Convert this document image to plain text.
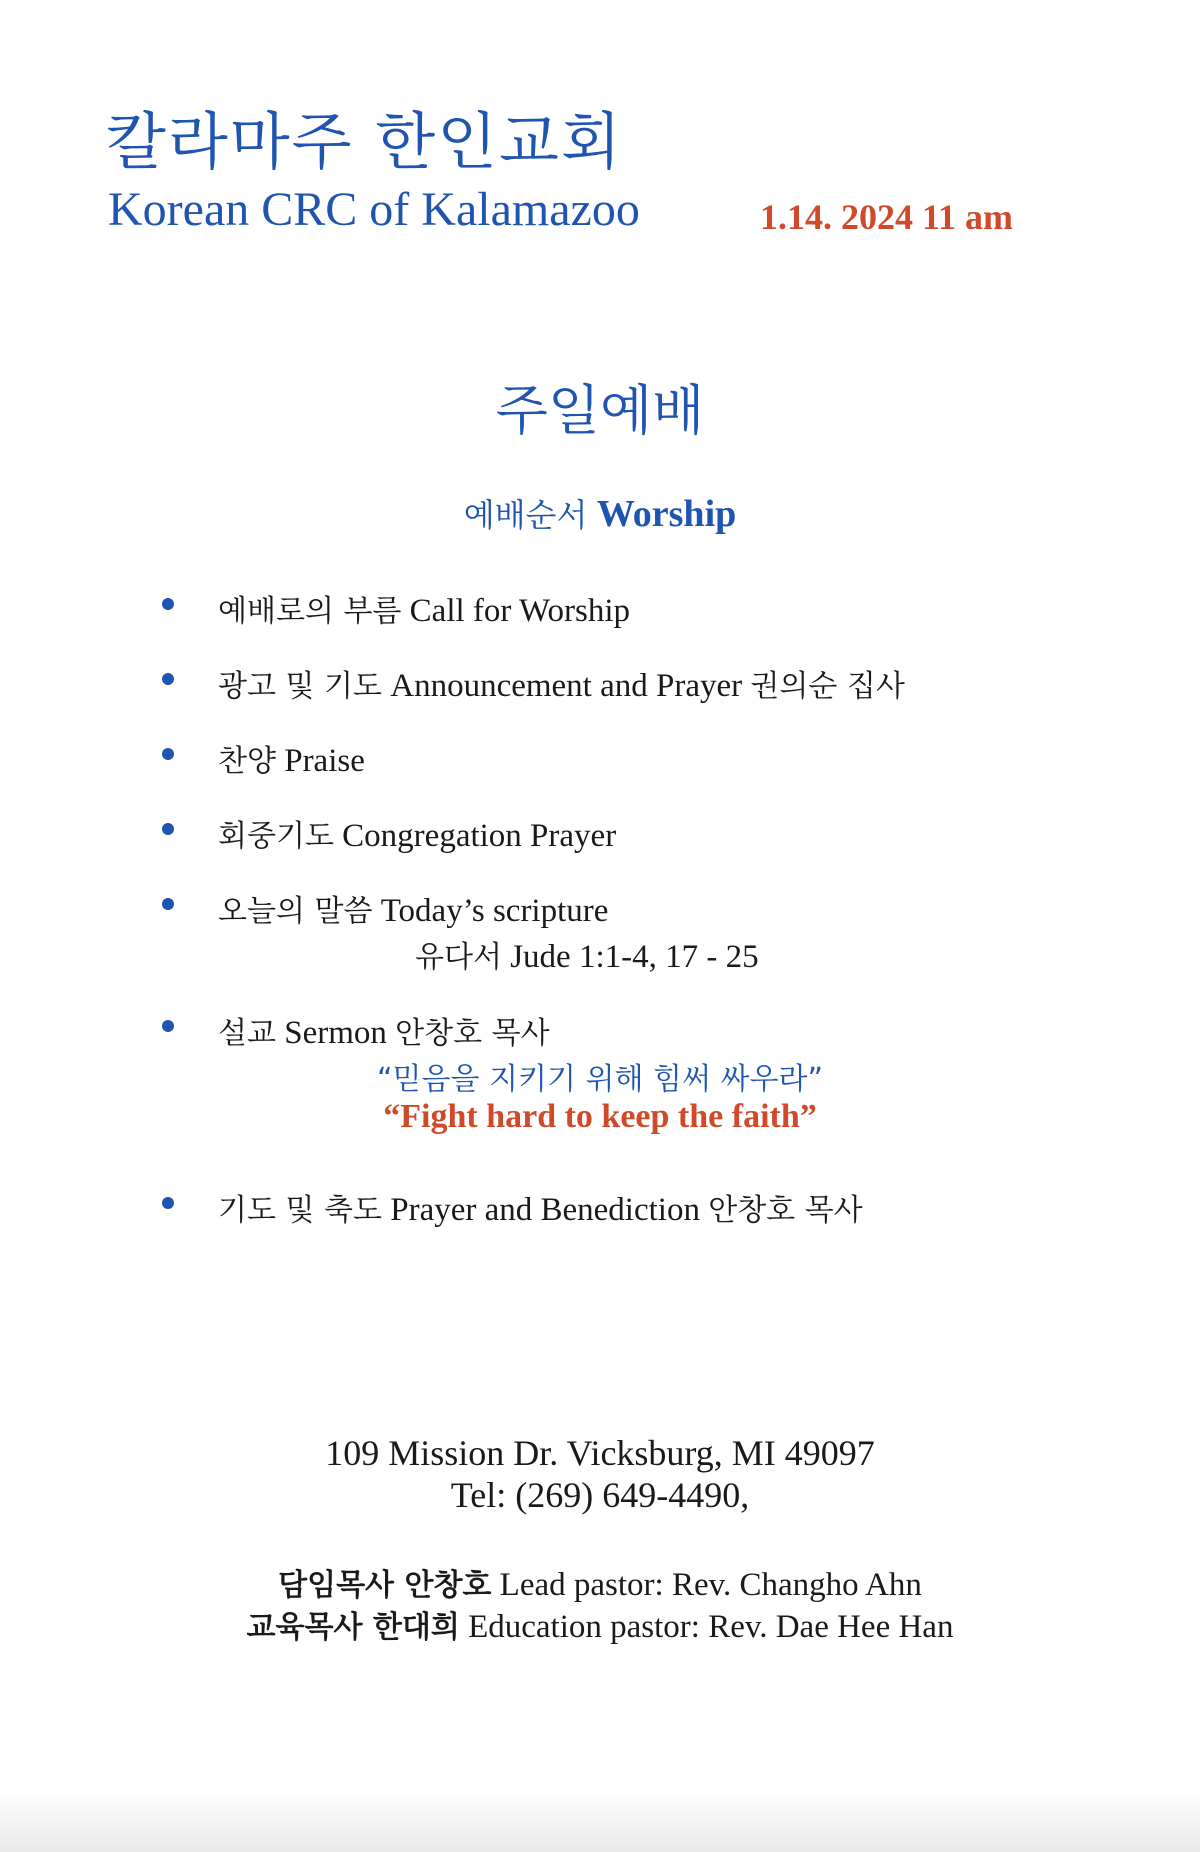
칼라마주 한인교회
Korean CRC of Kalamazoo	1.14. 2024 11 am
주일예배
예배순서 Worship
예배로의 부름 Call for Worship
광고 및 기도 Announcement and Prayer 권의순 집사
찬양 Praise
회중기도 Congregation Prayer
오늘의 말씀 Today’s scripture
유다서 Jude 1:1-4, 17 - 25
설교 Sermon 안창호 목사
“믿음을 지키기 위해 힘써 싸우라”
“Fight hard to keep the faith”
기도 및 축도 Prayer and Benediction 안창호 목사
109 Mission Dr. Vicksburg, MI 49097
Tel: (269) 649-4490,
담임목사 안창호 Lead pastor: Rev. Changho Ahn
교육목사 한대희 Education pastor: Rev. Dae Hee Han
